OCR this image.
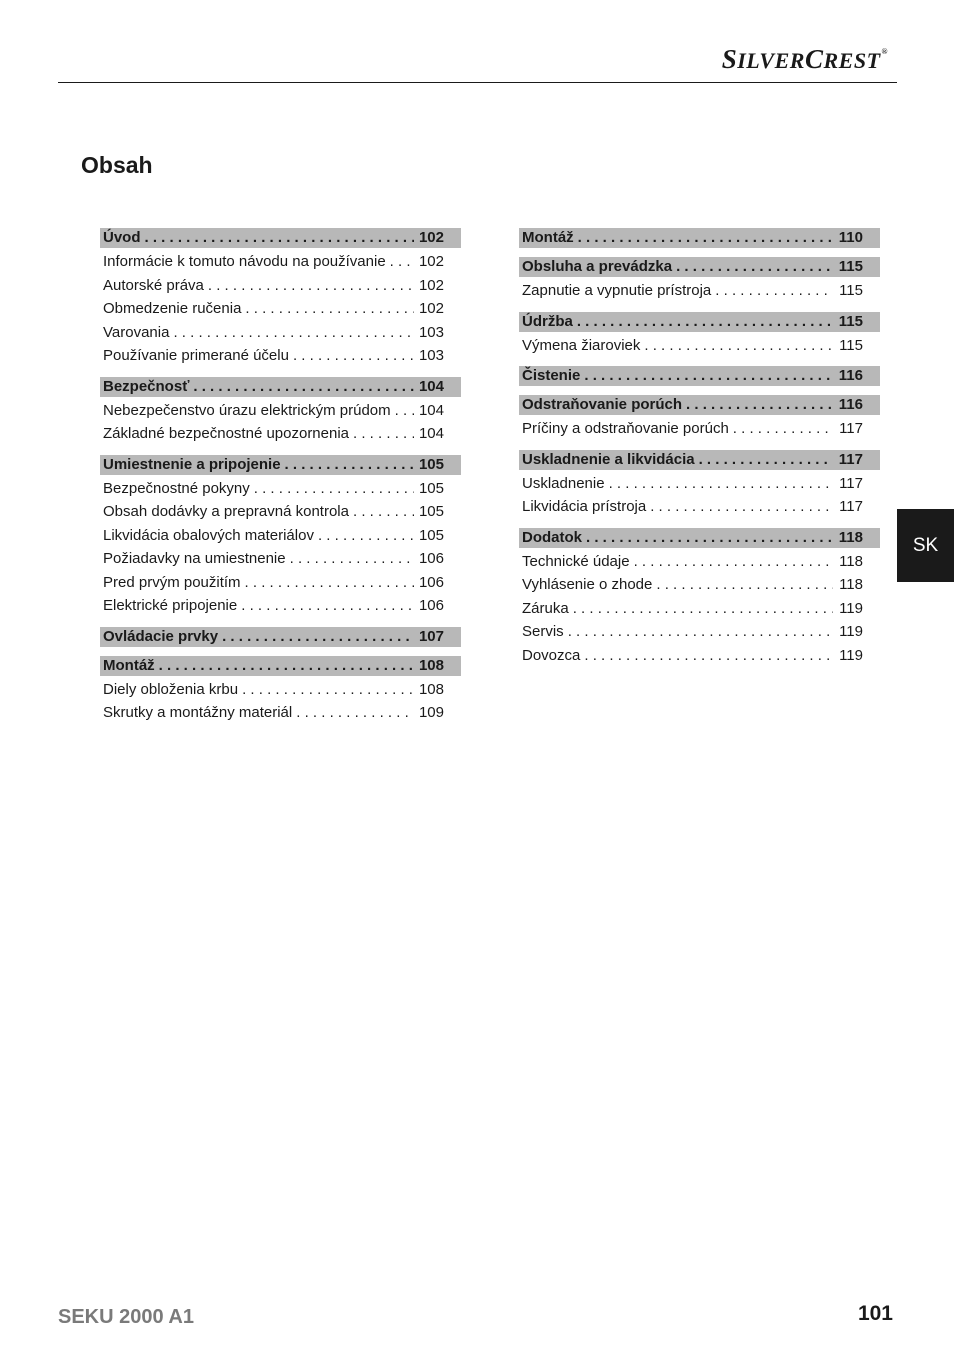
SILVERCREST®
Obsah
Úvod . . .	102
Informácie k tomuto návodu na používanie . . . 102
Autorské práva . . .	102
Obmedzenie ručenia . . .	102
Varovania . . .	103
Používanie primerané účelu . . .	103
Bezpečnosť . . .	104
Nebezpečenstvo úrazu elektrickým prúdom . . . 104
Základné bezpečnostné upozornenia . . .	104
Umiestnenie a pripojenie . . .	105
Bezpečnostné pokyny . . .	105
Obsah dodávky a prepravná kontrola . . .	105
Likvidácia obalových materiálov . . .	105
Požiadavky na umiestnenie . . .	106
Pred prvým použitím . . .	106
Elektrické pripojenie . . .	106
Ovládacie prvky . . .	107
Montáž . . .	108
Diely obloženia krbu . . .	108
Skrutky a montážny materiál . . .	109
Montáž . . .	110
Obsluha a prevádzka . . .	115
Zapnutie a vypnutie prístroja . . .	115
Údržba . . .	115
Výmena žiaroviek . . .	115
Čistenie . . .	116
Odstraňovanie porúch . . .	116
Príčiny a odstraňovanie porúch . . .	117
Uskladnenie a likvidácia . . .	117
Uskladnenie . . .	117
Likvidácia prístroja . . .	117
Dodatok . . .	118
Technické údaje . . .	118
Vyhlásenie o zhode . . .	118
Záruka . . .	119
Servis . . .	119
Dovozca . . .	119
SK
SEKU 2000 A1	101
